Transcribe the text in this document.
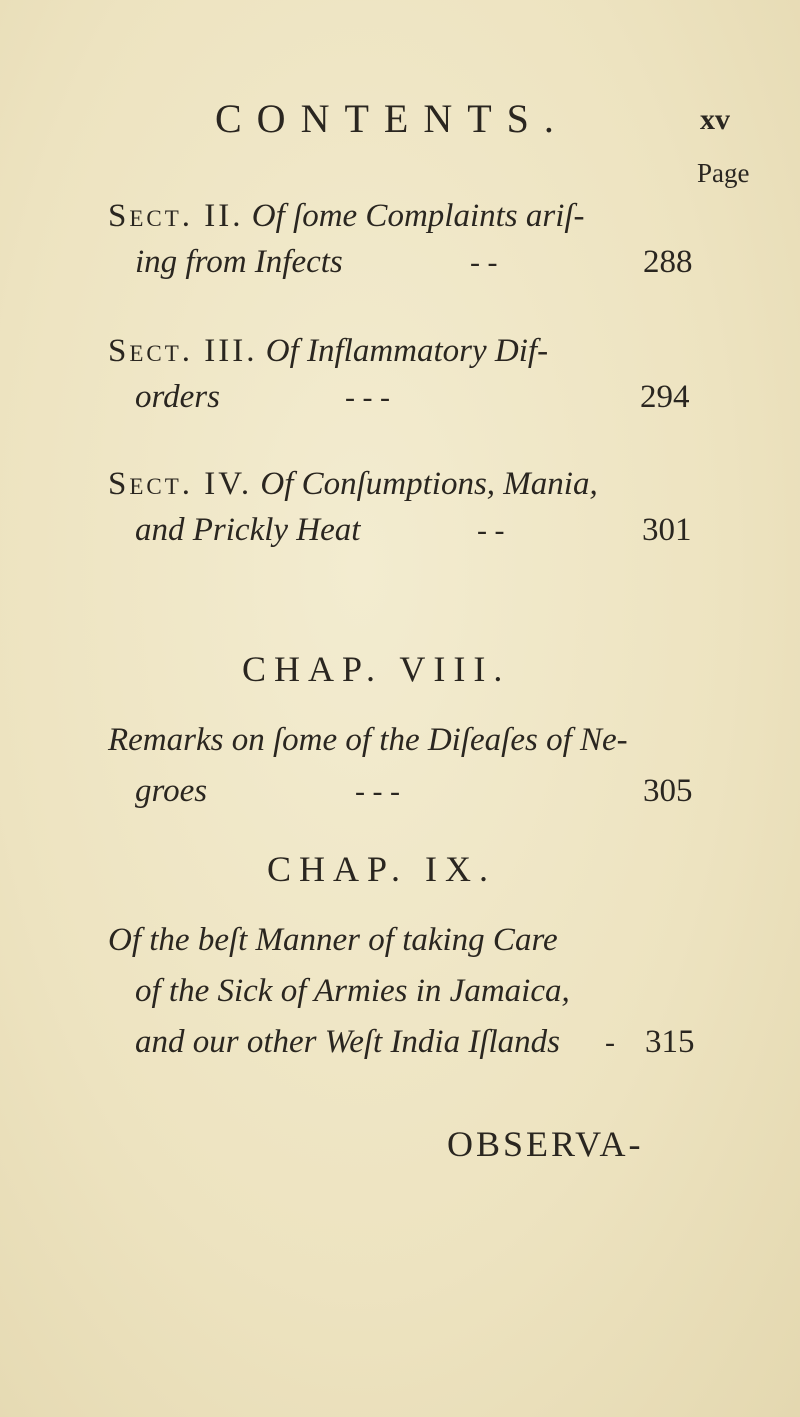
CONTENTS.	xv
Page
Sect. II. Of ſome Complaints ariſ-
ing from Infects	- -	288
Sect. III. Of Inflammatory Dif-
orders	- - -	294
Sect. IV. Of Conſumptions, Mania,
and Prickly Heat	- -	301
CHAP. VIII.
Remarks on ſome of the Diſeaſes of Ne-
groes	- - -	305
CHAP. IX.
Of the beſt Manner of taking Care
of the Sick of Armies in Jamaica,
and our other Weſt India Iſlands - 315
OBSERVA-
